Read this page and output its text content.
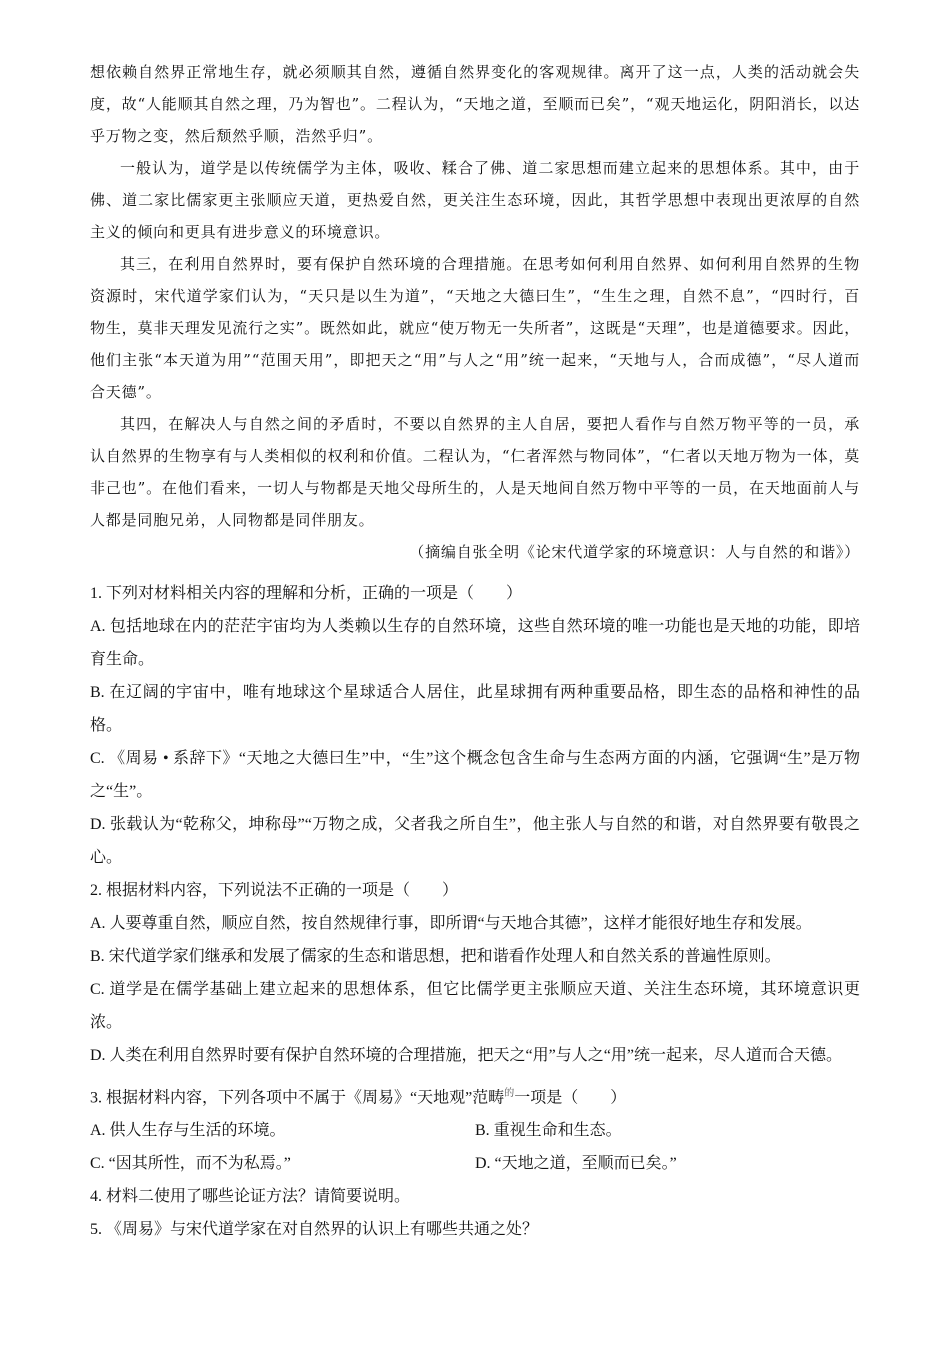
想依赖自然界正常地生存，就必须顺其自然，遵循自然界变化的客观规律。离开了这一点，人类的活动就会失度，故“人能顺其自然之理，乃为智也”。二程认为，“天地之道，至顺而已矣”，“观天地运化，阴阳消长，以达乎万物之变，然后颓然乎顺，浩然乎归”。

一般认为，道学是以传统儒学为主体，吸收、糅合了佛、道二家思想而建立起来的思想体系。其中，由于佛、道二家比儒家更主张顺应天道，更热爱自然，更关注生态环境，因此，其哲学思想中表现出更浓厚的自然主义的倾向和更具有进步意义的环境意识。

其三，在利用自然界时，要有保护自然环境的合理措施。在思考如何利用自然界、如何利用自然界的生物资源时，宋代道学家们认为，“天只是以生为道”，“天地之大德曰生”，“生生之理，自然不息”，“四时行，百物生，莫非天理发见流行之实”。既然如此，就应“使万物无一失所者”，这既是“天理”，也是道德要求。因此，他们主张“本天道为用”“范围天用”，即把天之“用”与人之“用”统一起来，“天地与人，合而成德”，“尽人道而合天德”。

其四，在解决人与自然之间的矛盾时，不要以自然界的主人自居，要把人看作与自然万物平等的一员，承认自然界的生物享有与人类相似的权利和价值。二程认为，“仁者浑然与物同体”，“仁者以天地万物为一体，莫非己也”。在他们看来，一切人与物都是天地父母所生的，人是天地间自然万物中平等的一员，在天地面前人与人都是同胞兄弟，人同物都是同伴朋友。

（摘编自张全明《论宋代道学家的环境意识：人与自然的和谐》）

1. 下列对材料相关内容的理解和分析，正确的一项是（　　）

A. 包括地球在内的茫茫宇宙均为人类赖以生存的自然环境，这些自然环境的唯一功能也是天地的功能，即培育生命。

B. 在辽阔的宇宙中，唯有地球这个星球适合人居住，此星球拥有两种重要品格，即生态的品格和神性的品格。

C. 《周易 • 系辞下》“天地之大德曰生”中，“生”这个概念包含生命与生态两方面的内涵，它强调“生”是万物之“生”。

D. 张载认为“乾称父，坤称母”“万物之成，父者我之所自生”，他主张人与自然的和谐，对自然界要有敬畏之心。

2. 根据材料内容，下列说法不正确的一项是（　　）

A. 人要尊重自然，顺应自然，按自然规律行事，即所谓“与天地合其德”，这样才能很好地生存和发展。

B. 宋代道学家们继承和发展了儒家的生态和谐思想，把和谐看作处理人和自然关系的普遍性原则。

C. 道学是在儒学基础上建立起来的思想体系，但它比儒学更主张顺应天道、关注生态环境，其环境意识更浓。

D. 人类在利用自然界时要有保护自然环境的合理措施，把天之“用”与人之“用”统一起来，尽人道而合天德。

3. 根据材料内容，下列各项中不属于《周易》“天地观”范畴$^的$一项是（　　）

A. 供人生存与生活的环境。	B. 重视生命和生态。
C. “因其所性，而不为私焉。”	D. “天地之道，至顺而已矣。”

4. 材料二使用了哪些论证方法？请简要说明。

5. 《周易》与宋代道学家在对自然界的认识上有哪些共通之处？
